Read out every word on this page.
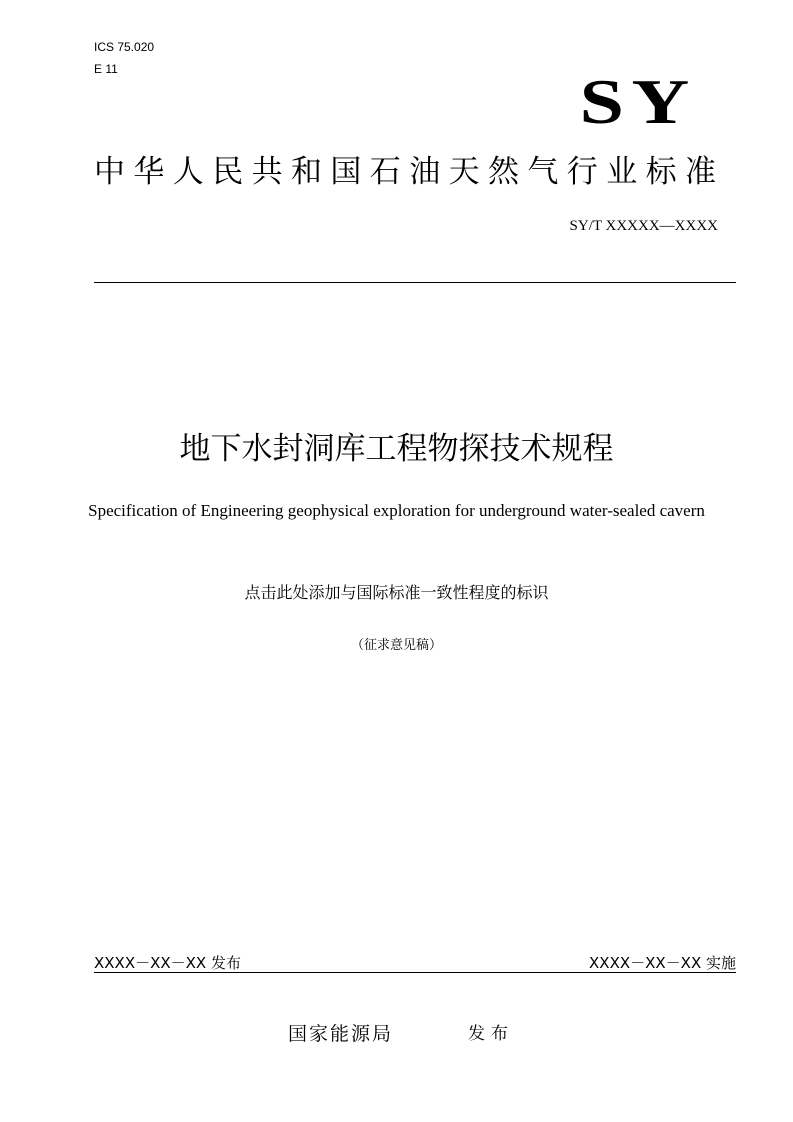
ICS 75.020
E 11	SY
中华人民共和国石油天然气行业标准
SY/T XXXXX—XXXX
地下水封洞库工程物探技术规程
Specification of Engineering geophysical exploration for underground water-sealed cavern
点击此处添加与国际标准一致性程度的标识
（征求意见稿）
XXXX－XX－XX 发布	XXXX－XX－XX 实施
国家能源局	发布
